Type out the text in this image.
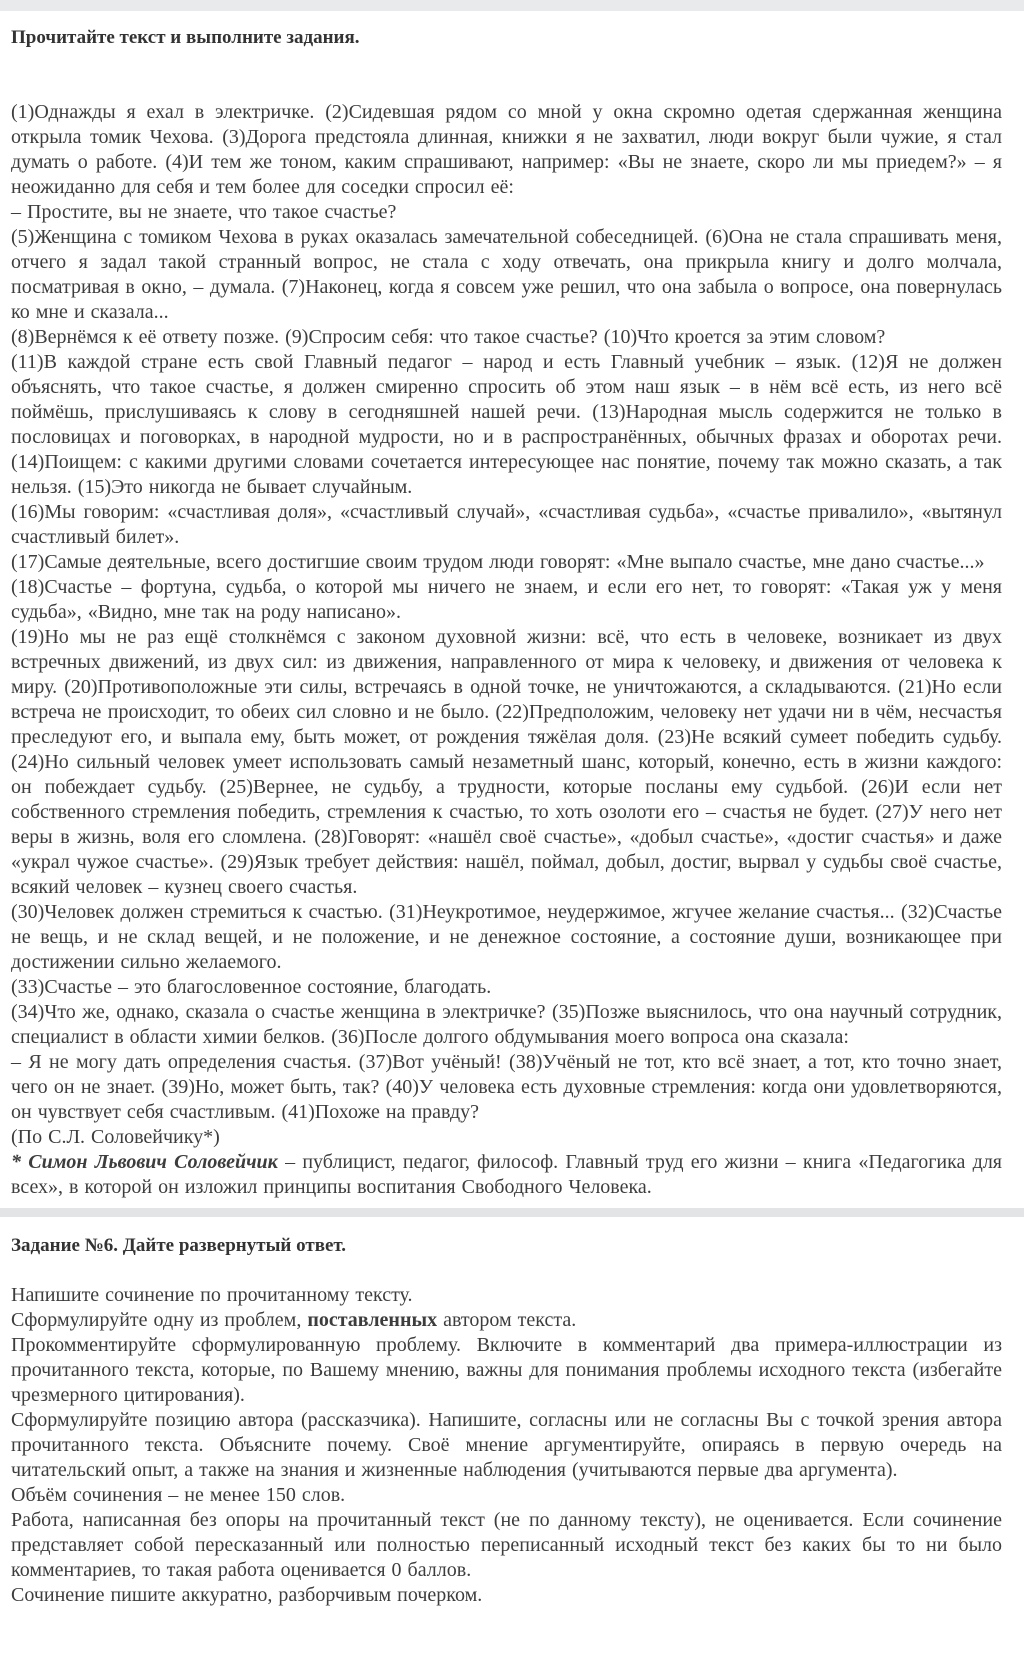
Прочитайте текст и выполните задания.

(1)Однажды я ехал в электричке. (2)Сидевшая рядом со мной у окна скромно одетая сдержанная женщина открыла томик Чехова. (3)Дорога предстояла длинная, книжки я не захватил, люди вокруг были чужие, я стал думать о работе. (4)И тем же тоном, каким спрашивают, например: «Вы не знаете, скоро ли мы приедем?» – я неожиданно для себя и тем более для соседки спросил её:

– Простите, вы не знаете, что такое счастье?

(5)Женщина с томиком Чехова в руках оказалась замечательной собеседницей. (6)Она не стала спрашивать меня, отчего я задал такой странный вопрос, не стала с ходу отвечать, она прикрыла книгу и долго молчала, посматривая в окно, – думала. (7)Наконец, когда я совсем уже решил, что она забыла о вопросе, она повернулась ко мне и сказала...

(8)Вернёмся к её ответу позже. (9)Спросим себя: что такое счастье? (10)Что кроется за этим словом?

(11)В каждой стране есть свой Главный педагог – народ и есть Главный учебник – язык. (12)Я не должен объяснять, что такое счастье, я должен смиренно спросить об этом наш язык – в нём всё есть, из него всё поймёшь, прислушиваясь к слову в сегодняшней нашей речи. (13)Народная мысль содержится не только в пословицах и поговорках, в народной мудрости, но и в распространённых, обычных фразах и оборотах речи. (14)Поищем: с какими другими словами сочетается интересующее нас понятие, почему так можно сказать, а так нельзя. (15)Это никогда не бывает случайным.

(16)Мы говорим: «счастливая доля», «счастливый случай», «счастливая судьба», «счастье привалило», «вытянул счастливый билет».

(17)Самые деятельные, всего достигшие своим трудом люди говорят: «Мне выпало счастье, мне дано счастье...»

(18)Счастье – фортуна, судьба, о которой мы ничего не знаем, и если его нет, то говорят: «Такая уж у меня судьба», «Видно, мне так на роду написано».

(19)Но мы не раз ещё столкнёмся с законом духовной жизни: всё, что есть в человеке, возникает из двух встречных движений, из двух сил: из движения, направленного от мира к человеку, и движения от человека к миру. (20)Противоположные эти силы, встречаясь в одной точке, не уничтожаются, а складываются. (21)Но если встреча не происходит, то обеих сил словно и не было. (22)Предположим, человеку нет удачи ни в чём, несчастья преследуют его, и выпала ему, быть может, от рождения тяжёлая доля. (23)Не всякий сумеет победить судьбу. (24)Но сильный человек умеет использовать самый незаметный шанс, который, конечно, есть в жизни каждого: он побеждает судьбу. (25)Вернее, не судьбу, а трудности, которые посланы ему судьбой. (26)И если нет собственного стремления победить, стремления к счастью, то хоть озолоти его – счастья не будет. (27)У него нет веры в жизнь, воля его сломлена. (28)Говорят: «нашёл своё счастье», «добыл счастье», «достиг счастья» и даже «украл чужое счастье». (29)Язык требует действия: нашёл, поймал, добыл, достиг, вырвал у судьбы своё счастье, всякий человек – кузнец своего счастья.

(30)Человек должен стремиться к счастью. (31)Неукротимое, неудержимое, жгучее желание счастья... (32)Счастье не вещь, и не склад вещей, и не положение, и не денежное состояние, а состояние души, возникающее при достижении сильно желаемого.

(33)Счастье – это благословенное состояние, благодать.

(34)Что же, однако, сказала о счастье женщина в электричке? (35)Позже выяснилось, что она научный сотрудник, специалист в области химии белков. (36)После долгого обдумывания моего вопроса она сказала:

– Я не могу дать определения счастья. (37)Вот учёный! (38)Учёный не тот, кто всё знает, а тот, кто точно знает, чего он не знает. (39)Но, может быть, так? (40)У человека есть духовные стремления: когда они удовлетворяются, он чувствует себя счастливым. (41)Похоже на правду?

(По С.Л. Соловейчику*)

* Симон Львович Соловейчик – публицист, педагог, философ. Главный труд его жизни – книга «Педагогика для всех», в которой он изложил принципы воспитания Свободного Человека.

Задание №6. Дайте развернутый ответ.

Напишите сочинение по прочитанному тексту.

Сформулируйте одну из проблем, поставленных автором текста.

Прокомментируйте сформулированную проблему. Включите в комментарий два примера-иллюстрации из прочитанного текста, которые, по Вашему мнению, важны для понимания проблемы исходного текста (избегайте чрезмерного цитирования).

Сформулируйте позицию автора (рассказчика). Напишите, согласны или не согласны Вы с точкой зрения автора прочитанного текста. Объясните почему. Своё мнение аргументируйте, опираясь в первую очередь на читательский опыт, а также на знания и жизненные наблюдения (учитываются первые два аргумента).

Объём сочинения – не менее 150 слов.

Работа, написанная без опоры на прочитанный текст (не по данному тексту), не оценивается. Если сочинение представляет собой пересказанный или полностью переписанный исходный текст без каких бы то ни было комментариев, то такая работа оценивается 0 баллов.

Сочинение пишите аккуратно, разборчивым почерком.
